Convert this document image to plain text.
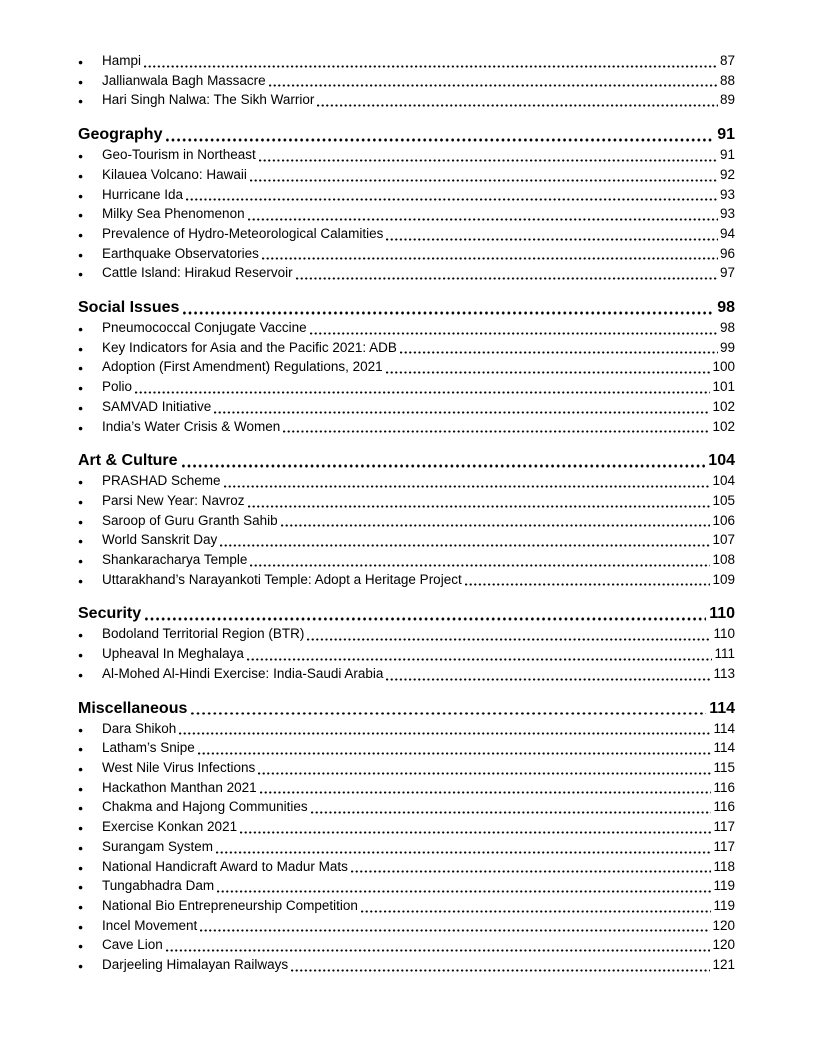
●	Hampi	87
●	Jallianwala Bagh Massacre	88
●	Hari Singh Nalwa: The Sikh Warrior	89
Geography	91
●	Geo-Tourism in Northeast	91
●	Kilauea Volcano: Hawaii	92
●	Hurricane Ida	93
●	Milky Sea Phenomenon	93
●	Prevalence of Hydro-Meteorological Calamities	94
●	Earthquake Observatories	96
●	Cattle Island: Hirakud Reservoir	97
Social Issues	98
●	Pneumococcal Conjugate Vaccine	98
●	Key Indicators for Asia and the Pacific 2021: ADB	99
●	Adoption (First Amendment) Regulations, 2021	100
●	Polio	101
●	SAMVAD Initiative	102
●	India’s Water Crisis & Women	102
Art & Culture	104
●	PRASHAD Scheme	104
●	Parsi New Year: Navroz	105
●	Saroop of Guru Granth Sahib	106
●	World Sanskrit Day	107
●	Shankaracharya Temple	108
●	Uttarakhand’s Narayankoti Temple: Adopt a Heritage Project	109
Security	110
●	Bodoland Territorial Region (BTR)	110
●	Upheaval In Meghalaya	111
●	Al-Mohed Al-Hindi Exercise: India-Saudi Arabia	113
Miscellaneous	114
●	Dara Shikoh	114
●	Latham’s Snipe	114
●	West Nile Virus Infections	115
●	Hackathon Manthan 2021	116
●	Chakma and Hajong Communities	116
●	Exercise Konkan 2021	117
●	Surangam System	117
●	National Handicraft Award to Madur Mats	118
●	Tungabhadra Dam	119
●	National Bio Entrepreneurship Competition	119
●	Incel Movement	120
●	Cave Lion	120
●	Darjeeling Himalayan Railways	121
